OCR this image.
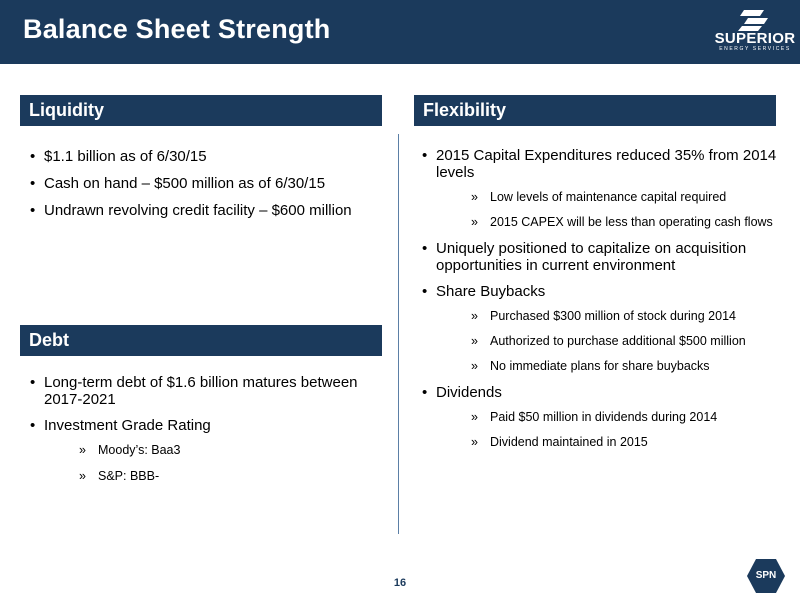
Balance Sheet Strength	SUPERIOR
ENERGY SERVICES
Liquidity	Flexibility
Debt
• $1.1 billion as of 6/30/15
• Cash on hand – $500 million as of 6/30/15
• Undrawn revolving credit facility – $600 million
• Long-term debt of $1.6 billion matures between 2017-2021
• Investment Grade Rating
» Moody’s: Baa3
» S&P: BBB-
• 2015 Capital Expenditures reduced 35% from 2014 levels
» Low levels of maintenance capital required
» 2015 CAPEX will be less than operating cash flows
• Uniquely positioned to capitalize on acquisition opportunities in current environment
• Share Buybacks
» Purchased $300 million of stock during 2014
» Authorized to purchase additional $500 million
» No immediate plans for share buybacks
• Dividends
» Paid $50 million in dividends during 2014
» Dividend maintained in 2015
16
SPN
